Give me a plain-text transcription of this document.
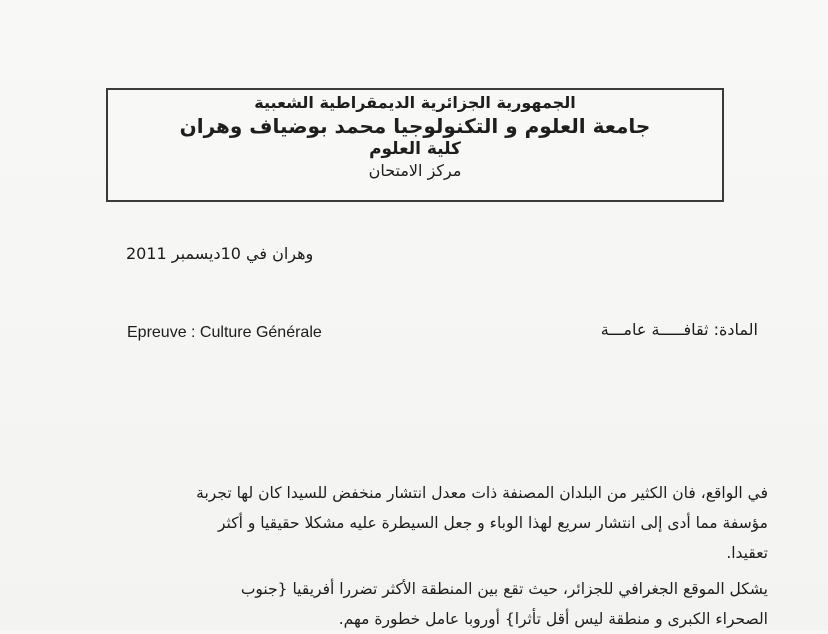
الجمهورية الجزائرية الديمقراطية الشعبية
جامعة العلوم و التكنولوجيا محمد بوضياف وهران
كلية العلوم
مركز الامتحان
وهران في 10ديسمبر 2011
Epreuve : Culture Générale	المادة: ثقافـــــة عامـــة
في الواقع، فان الكثير من البلدان المصنفة ذات معدل انتشار منخفض للسيدا كان لها تجربة
مؤسفة مما أدى إلى انتشار سريع لهذا الوباء و جعل السيطرة عليه مشكلا حقيقيا و أكثر
تعقيدا.
يشكل الموقع الجغرافي للجزائر، حيث تقع بين المنطقة الأكثر تضررا أفريقيا {جنوب
الصحراء الكبرى و منطقة ليس أقل تأثرا} أوروبا عامل خطورة مهم.
